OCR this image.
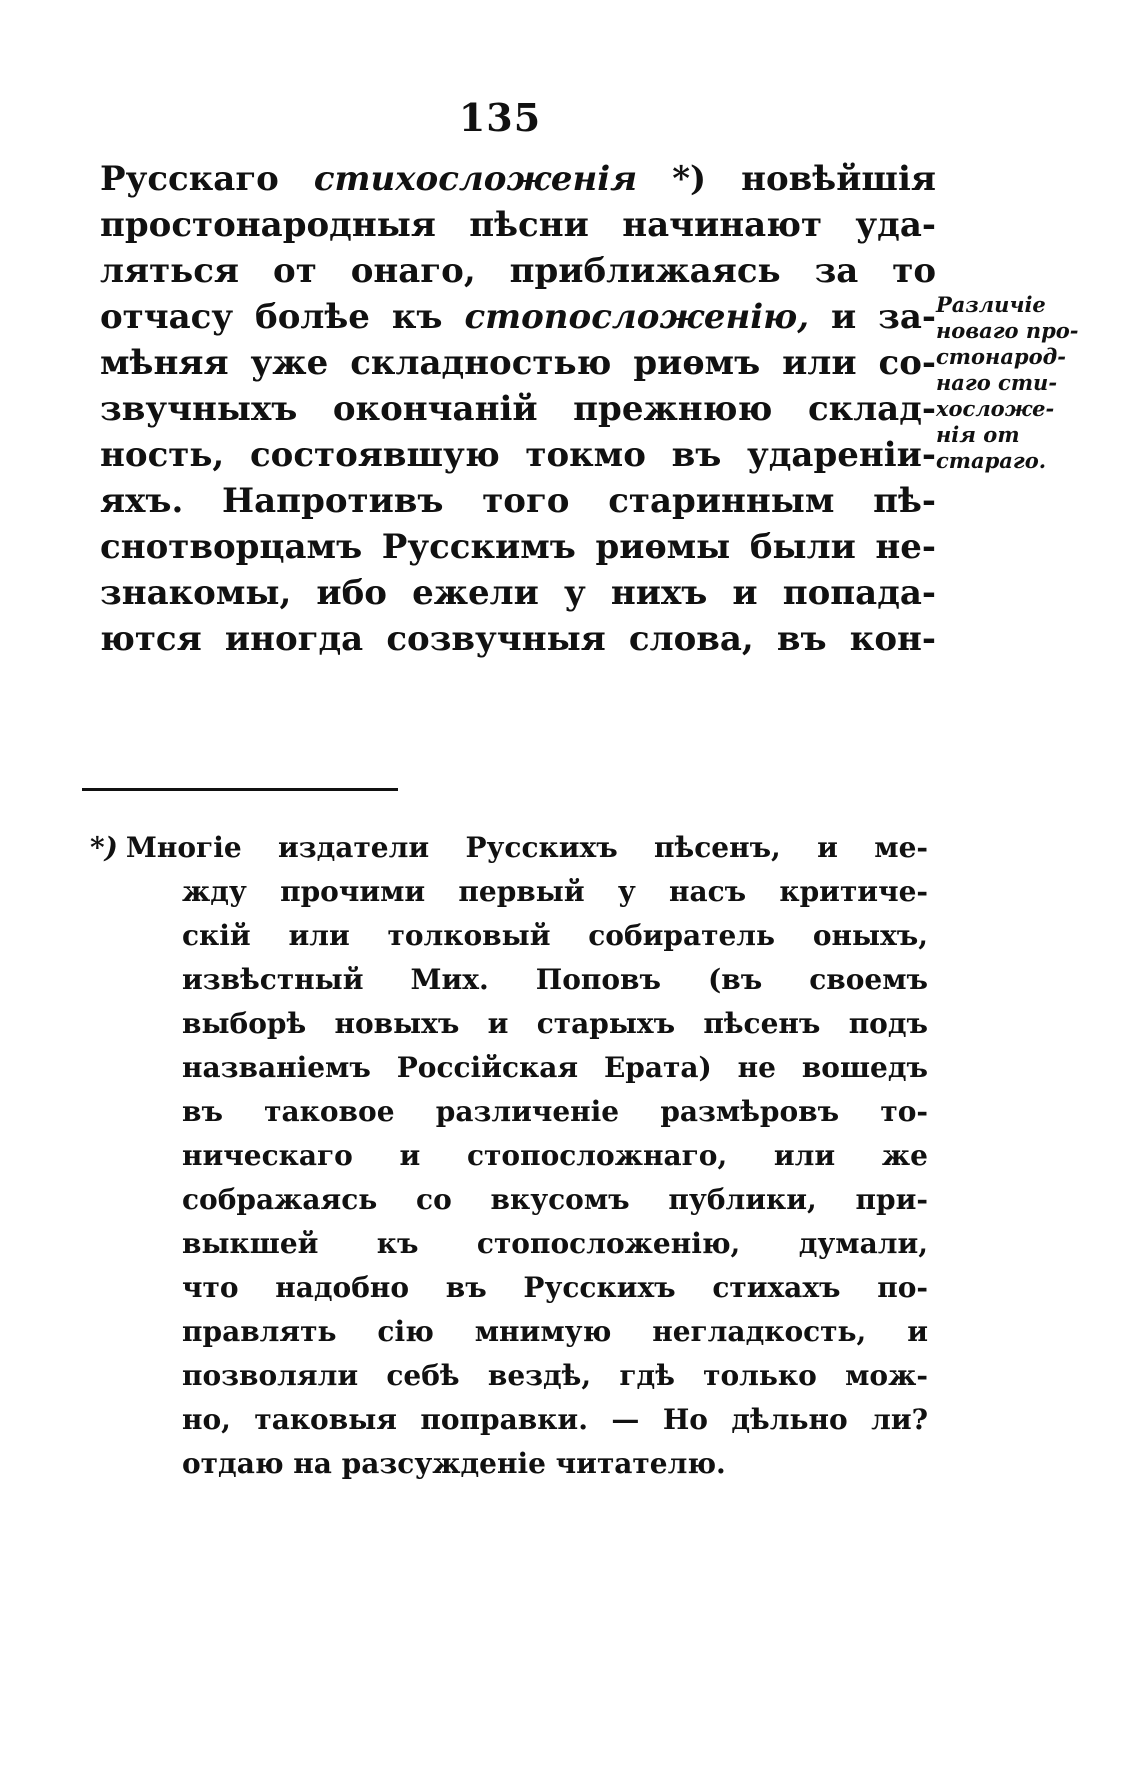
135
Русскаго стихосложенія *) новѣйшія
простонародныя пѣсни начинают удa-
ляться от онаго, приближаясь за то
отчасу болѣе къ стопосложенію, и за-
мѣняя уже складностью риѳмъ или со-
звучныхъ окончаній прежнюю склад-
ность, состоявшую токмо въ удареніи-
яхъ. Напротивъ того старинным пѣ-
снотворцамъ Русскимъ риѳмы были не-
знакомы, ибо ежели у нихъ и попада-
ются иногда созвучныя слова, въ кон-
Различіе
новаго про-
стонарод-
наго сти-
хосложе-
нія от
стараго.
*) Многіе издатели Русскихъ пѣсенъ, и ме-
жду прочими первый у насъ критиче-
скій или толковый собиратель оныхъ,
извѣстный Мих. Поповъ (въ своемъ
выборѣ новыхъ и старыхъ пѣсенъ подъ
названіемъ Россійская Ерата) не вошедъ
въ таковое различеніе размѣровъ то-
ническаго и стопосложнаго, или же
сображаясь со вкусомъ публики, при-
выкшей къ стопосложенію, думали,
что надобно въ Русскихъ стихахъ по-
правлять сію мнимую негладкость, и
позволяли себѣ вездѣ, гдѣ только мож-
но, таковыя поправки. — Но дѣльно ли?
отдаю на разсужденіе читателю.
